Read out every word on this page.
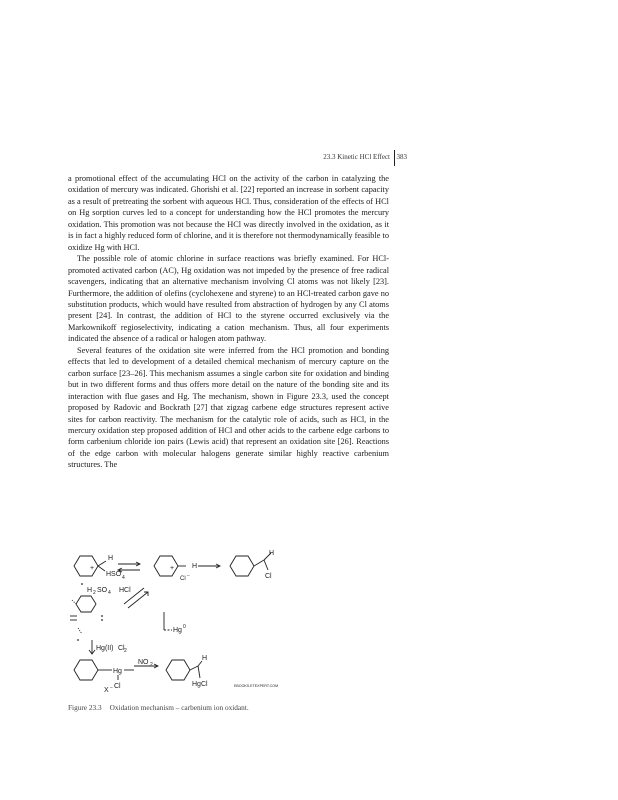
23.3 Kinetic HCl Effect 383

a promotional effect of the accumulating HCl on the activity of the carbon in catalyzing the oxidation of mercury was indicated. Ghorishi et al. [22] reported an increase in sorbent capacity as a result of pretreating the sorbent with aqueous HCl. Thus, consideration of the effects of HCl on Hg sorption curves led to a concept for understanding how the HCl promotes the mercury oxidation. This promotion was not because the HCl was directly involved in the oxidation, as it is in fact a highly reduced form of chlorine, and it is therefore not thermodynamically feasible to oxidize Hg with HCl.

The possible role of atomic chlorine in surface reactions was briefly examined. For HCl-promoted activated carbon (AC), Hg oxidation was not impeded by the presence of free radical scavengers, indicating that an alternative mechanism involving Cl atoms was not likely [23]. Furthermore, the addition of olefins (cyclohexene and styrene) to an HCl-treated carbon gave no substitution products, which would have resulted from abstraction of hydrogen by any Cl atoms present [24]. In contrast, the addition of HCl to the styrene occurred exclusively via the Markownikoff regioselectivity, indicating a cation mechanism. Thus, all four experiments indicated the absence of a radical or halogen atom pathway.

Several features of the oxidation site were inferred from the HCl promotion and bonding effects that led to development of a detailed chemical mechanism of mercury capture on the carbon surface [23–26]. This mechanism assumes a single carbon site for oxidation and binding but in two different forms and thus offers more detail on the nature of the bonding site and its interaction with flue gases and Hg. The mechanism, shown in Figure 23.3, used the concept proposed by Radovic and Bockrath [27] that zigzag carbene edge structures represent active sites for carbon reactivity. The mechanism for the catalytic role of acids, such as HCl, in the mercury oxidation step proposed addition of HCl and other acids to the carbene edge carbons to form carbenium chloride ion pairs (Lewis acid) that represent an oxidation site [26]. Reactions of the edge carbon with molecular halogens generate similar highly reactive carbenium structures. The

H
+
HSO 4
+	H
Cl −
H
Cl
H 2 SO 4 HCl
Hg 0
Hg(II) Cl 2
NO 2
Hg
Cl
X −
H
HgCl	EBOOKS.ETEXPERT.COM
Figure 23.3 Oxidation mechanism – carbenium ion oxidant.
